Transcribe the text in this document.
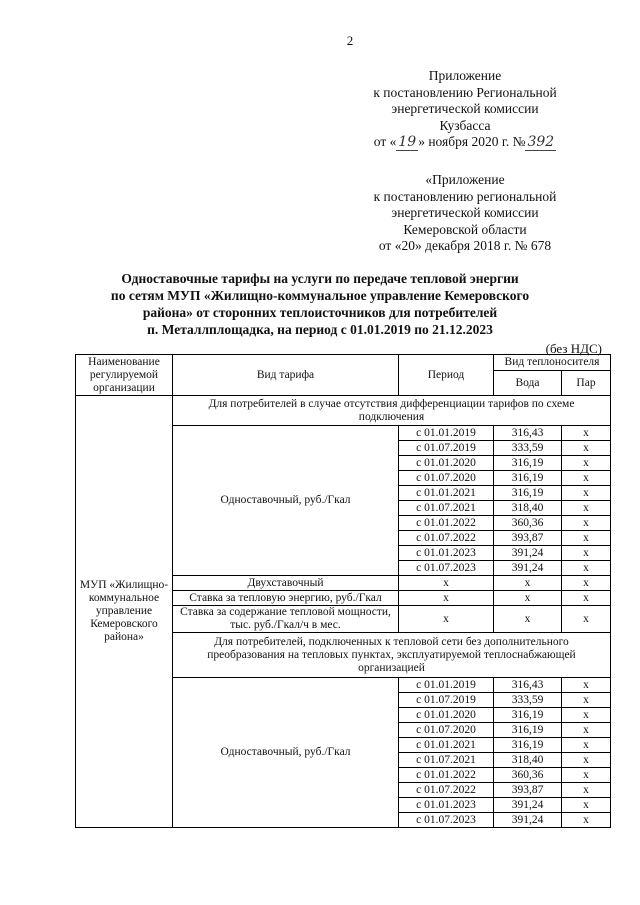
2
Приложение
к постановлению Региональной
энергетической комиссии
Кузбасса
от « 19 » ноября 2020 г. № 392
«Приложение
к постановлению региональной
энергетической комиссии
Кемеровской области
от «20» декабря 2018 г. № 678
Одноставочные тарифы на услуги по передаче тепловой энергии
по сетям МУП «Жилищно-коммунальное управление Кемеровского
района» от сторонних теплоисточников для потребителей
п. Металлплощадка, на период с 01.01.2019 по 21.12.2023
(без НДС)
Наименование регулируемой организации	Вид тарифа	Период	Вид теплоносителя	
			Вода	Пар
МУП «Жилищно-коммунальное управление Кемеровского района»	Для потребителей в случае отсутствия дифференциации тарифов по схеме подключения			
	Одноставочный, руб./Гкал	с 01.01.2019	316,43	x
		с 01.07.2019	333,59	x
		с 01.01.2020	316,19	x
		с 01.07.2020	316,19	x
		с 01.01.2021	316,19	x
		с 01.07.2021	318,40	x
		с 01.01.2022	360,36	x
		с 01.07.2022	393,87	x
		с 01.01.2023	391,24	x
		с 01.07.2023	391,24	x
	Двухставочный	x	x	x
	Ставка за тепловую энергию, руб./Гкал	x	x	x
	Ставка за содержание тепловой мощности, тыс. руб./Гкал/ч в мес.	x	x	x
	Для потребителей, подключенных к тепловой сети без дополнительного преобразования на тепловых пунктах, эксплуатируемой теплоснабжающей организацией			
	Одноставочный, руб./Гкал	с 01.01.2019	316,43	x
		с 01.07.2019	333,59	x
		с 01.01.2020	316,19	x
		с 01.07.2020	316,19	x
		с 01.01.2021	316,19	x
		с 01.07.2021	318,40	x
		с 01.01.2022	360,36	x
		с 01.07.2022	393,87	x
		с 01.01.2023	391,24	x
		с 01.07.2023	391,24	x
